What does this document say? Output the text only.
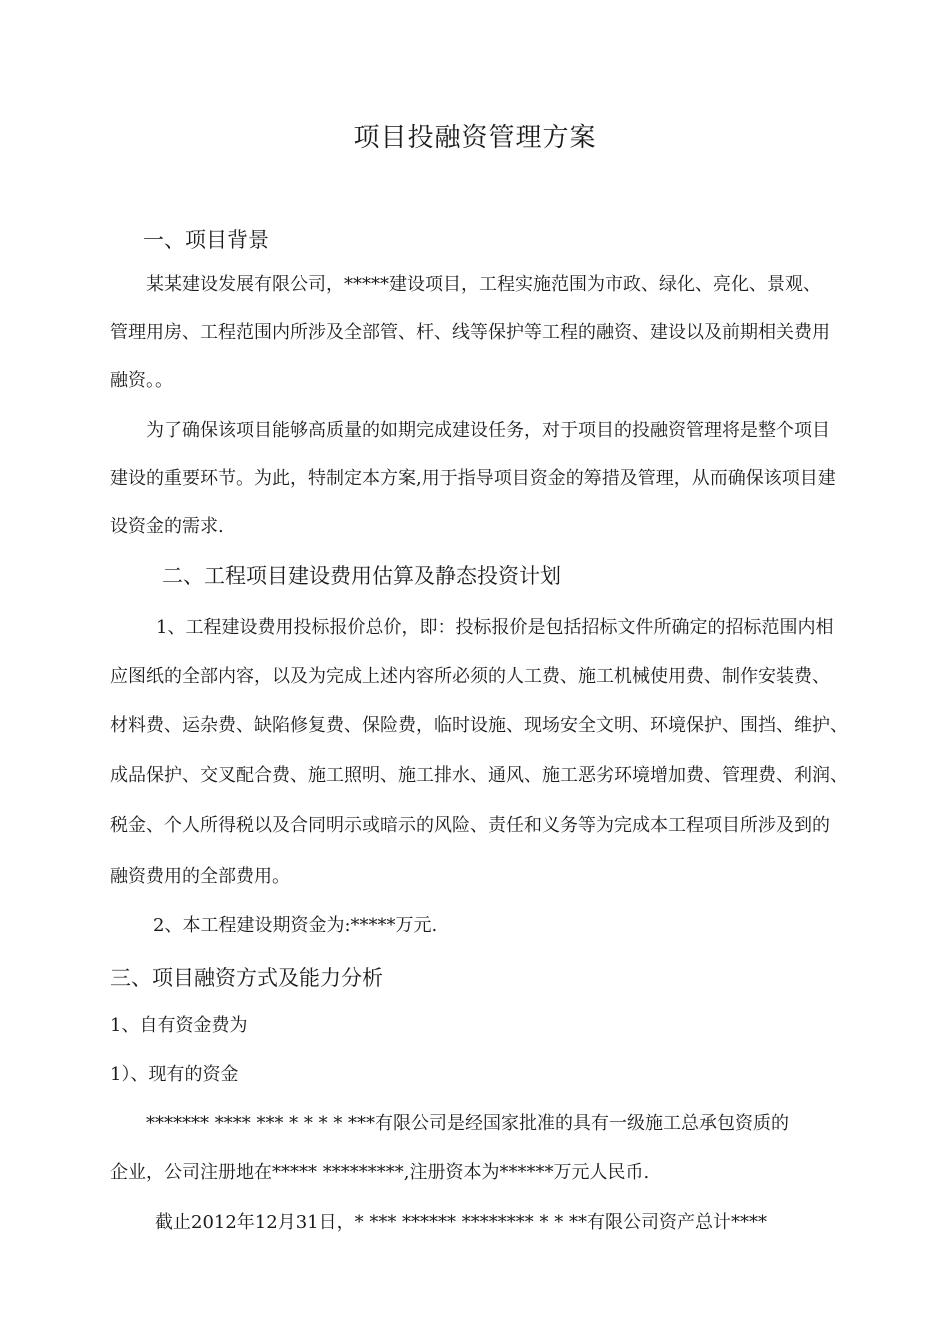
项目投融资管理方案
一、项目背景
某某建设发展有限公司，*****建设项目，工程实施范围为市政、绿化、亮化、景观、
管理用房、工程范围内所涉及全部管、杆、线等保护等工程的融资、建设以及前期相关费用
融资。。
为了确保该项目能够高质量的如期完成建设任务，对于项目的投融资管理将是整个项目
建设的重要环节。为此，特制定本方案,用于指导项目资金的筹措及管理，从而确保该项目建
设资金的需求.
二、工程项目建设费用估算及静态投资计划
1、工程建设费用投标报价总价，即：投标报价是包括招标文件所确定的招标范围内相
应图纸的全部内容，以及为完成上述内容所必须的人工费、施工机械使用费、制作安装费、
材料费、运杂费、缺陷修复费、保险费，临时设施、现场安全文明、环境保护、围挡、维护、
成品保护、交叉配合费、施工照明、施工排水、通风、施工恶劣环境增加费、管理费、利润、
税金、个人所得税以及合同明示或暗示的风险、责任和义务等为完成本工程项目所涉及到的
融资费用的全部费用。
2、本工程建设期资金为:*****万元.
三、项目融资方式及能力分析
1、自有资金费为
1）、现有的资金
******* **** *** * * * * ***有限公司是经国家批准的具有一级施工总承包资质的
企业，公司注册地在***** *********,注册资本为******万元人民币.
截止2012年12月31日，* *** ****** ******** * * **有限公司资产总计****
